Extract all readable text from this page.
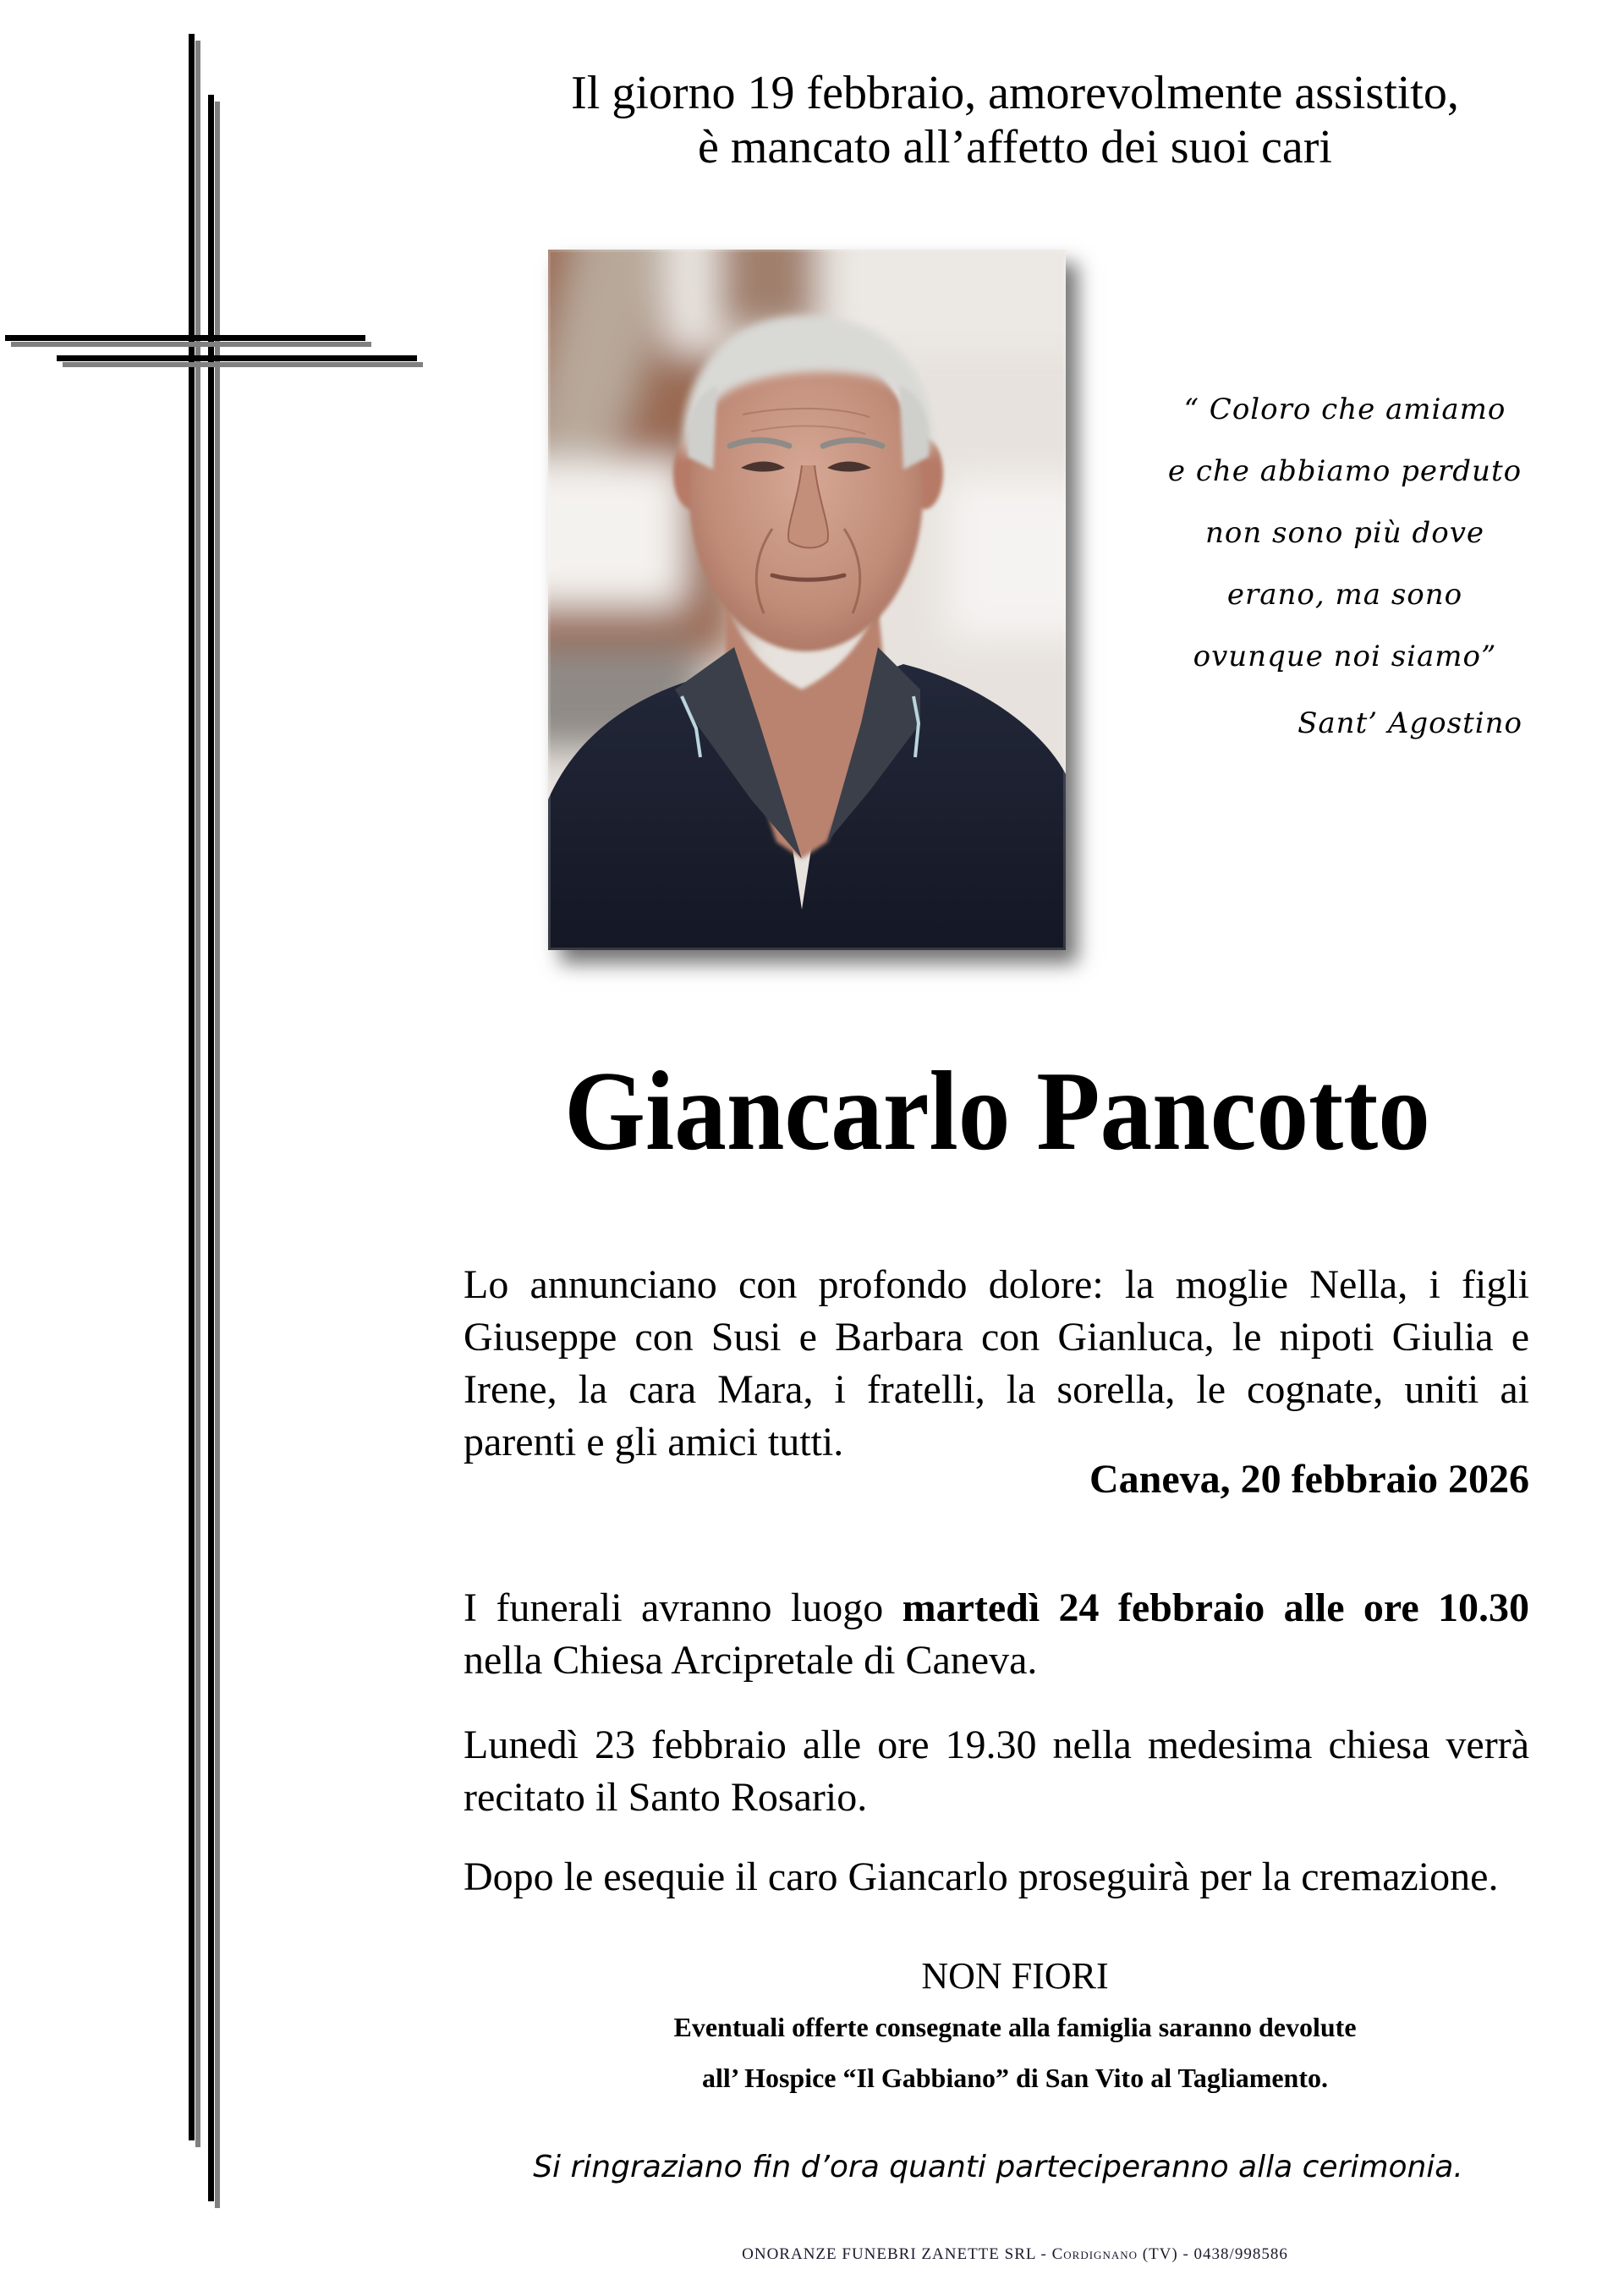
Il giorno 19 febbraio, amorevolmente assistito,
è mancato all’affetto dei suoi cari
“ Coloro che amiamo
e che abbiamo perduto
non sono più dove
erano, ma sono
ovunque noi siamo”
Sant’ Agostino
Giancarlo Pancotto
Lo annunciano con profondo dolore: la moglie Nella, i figli Giuseppe con Susi e Barbara con Gianluca, le nipoti Giulia e Irene, la cara Mara, i fratelli, la sorella, le cognate, uniti ai parenti e gli amici tutti.
Caneva, 20 febbraio 2026
I funerali avranno luogo martedì 24 febbraio alle ore 10.30 nella Chiesa Arcipretale di Caneva.
Lunedì 23 febbraio alle ore 19.30 nella medesima chiesa verrà recitato il Santo Rosario.
Dopo le esequie il caro Giancarlo proseguirà per la cremazione.
NON FIORI
Eventuali offerte consegnate alla famiglia saranno devolute
all’ Hospice “Il Gabbiano” di San Vito al Tagliamento.
Si ringraziano fin d’ora quanti parteciperanno alla cerimonia.
ONORANZE FUNEBRI ZANETTE SRL - Cordignano (TV) - 0438/998586
